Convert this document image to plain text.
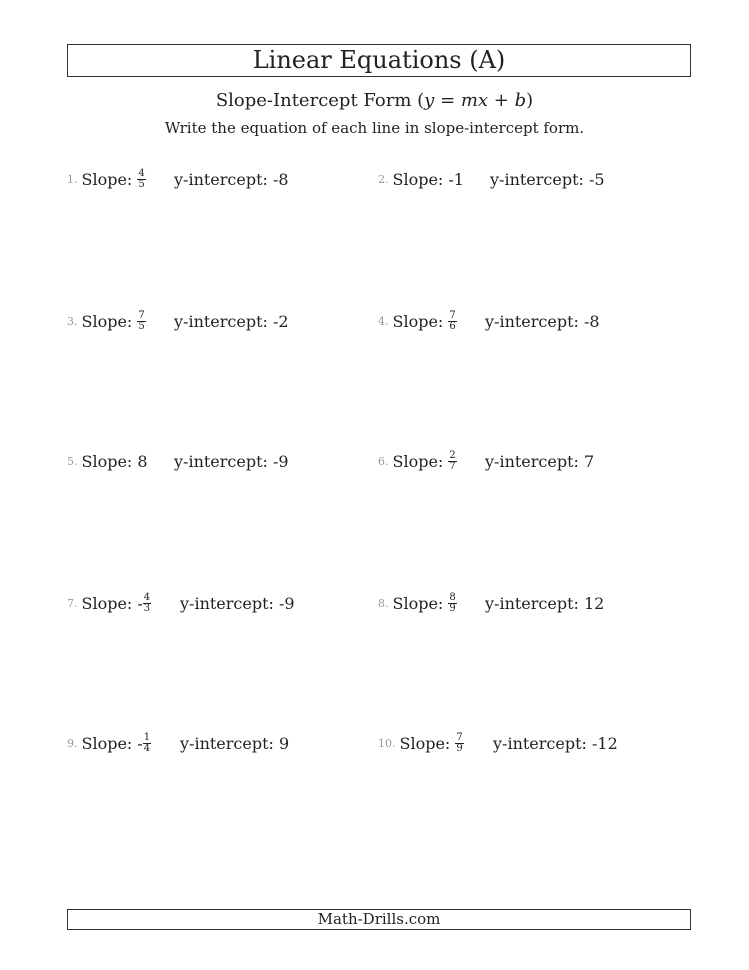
Linear Equations (A)
Slope-Intercept Form (y = mx + b)
Write the equation of each line in slope-intercept form.
1. Slope: $\frac{4}{5}$ y-intercept:
-8	2. Slope: -1 y-intercept:
-5
3. Slope: $\frac{7}{5}$ y-intercept:
-2	4. Slope: $\frac{7}{6}$ y-intercept:
-8
5. Slope: 8 y-intercept:
-9	6. Slope: $\frac{2}{7}$ y-intercept:
7
7. Slope: - $\frac{4}{3}$ y-intercept:
-9	8. Slope: $\frac{8}{9}$ y-intercept:
12
9. Slope: - $\frac{1}{4}$ y-intercept:
9	10. Slope: $\frac{7}{9}$ y-intercept:
-12
Math-Drills.com
